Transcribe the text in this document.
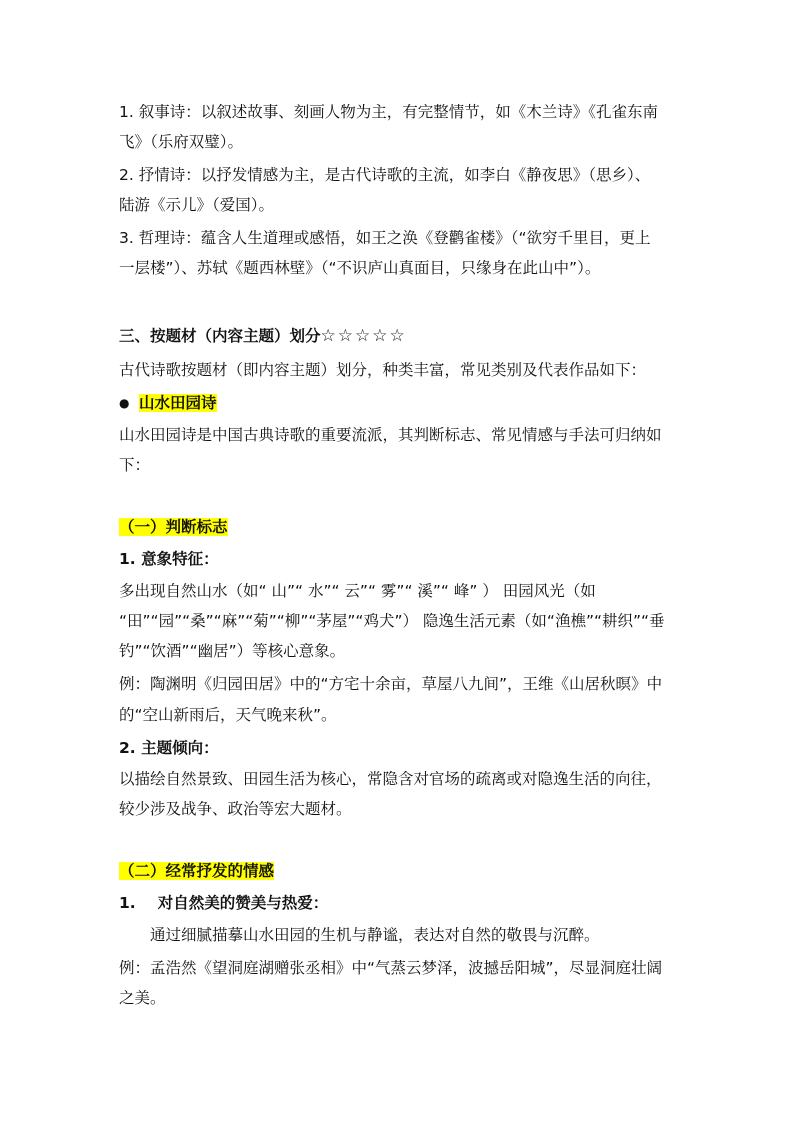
1. 叙事诗：以叙述故事、刻画人物为主，有完整情节，如《木兰诗》《孔雀东南
飞》（乐府双璧）。
2. 抒情诗：以抒发情感为主，是古代诗歌的主流，如李白《静夜思》（思乡）、
陆游《示儿》（爱国）。
3. 哲理诗：蕴含人生道理或感悟，如王之涣《登鹳雀楼》（“欲穷千里目，更上
一层楼”）、苏轼《题西林壁》（“不识庐山真面目，只缘身在此山中”）。
三、按题材（内容主题）划分☆☆☆☆☆
古代诗歌按题材（即内容主题）划分，种类丰富，常见类别及代表作品如下：
● 山水田园诗
山水田园诗是中国古典诗歌的重要流派，其判断标志、常见情感与手法可归纳如
下：
（一）判断标志
1. 意象特征：
多出现自然山水（如“ 山”“ 水”“ 云”“ 雾”“ 溪”“ 峰” ） 田园风光（如
“田”“园”“桑”“麻”“菊”“柳”“茅屋”“鸡犬”） 隐逸生活元素（如“渔樵”“耕织”“垂
钓”“饮酒”“幽居”）等核心意象。
例：陶渊明《归园田居》中的“方宅十余亩，草屋八九间”，王维《山居秋暝》中
的“空山新雨后，天气晚来秋”。
2. 主题倾向：
以描绘自然景致、田园生活为核心，常隐含对官场的疏离或对隐逸生活的向往，
较少涉及战争、政治等宏大题材。
（二）经常抒发的情感
1. 对自然美的赞美与热爱：
通过细腻描摹山水田园的生机与静谧，表达对自然的敬畏与沉醉。
例：孟浩然《望洞庭湖赠张丞相》中“气蒸云梦泽，波撼岳阳城”，尽显洞庭壮阔
之美。
